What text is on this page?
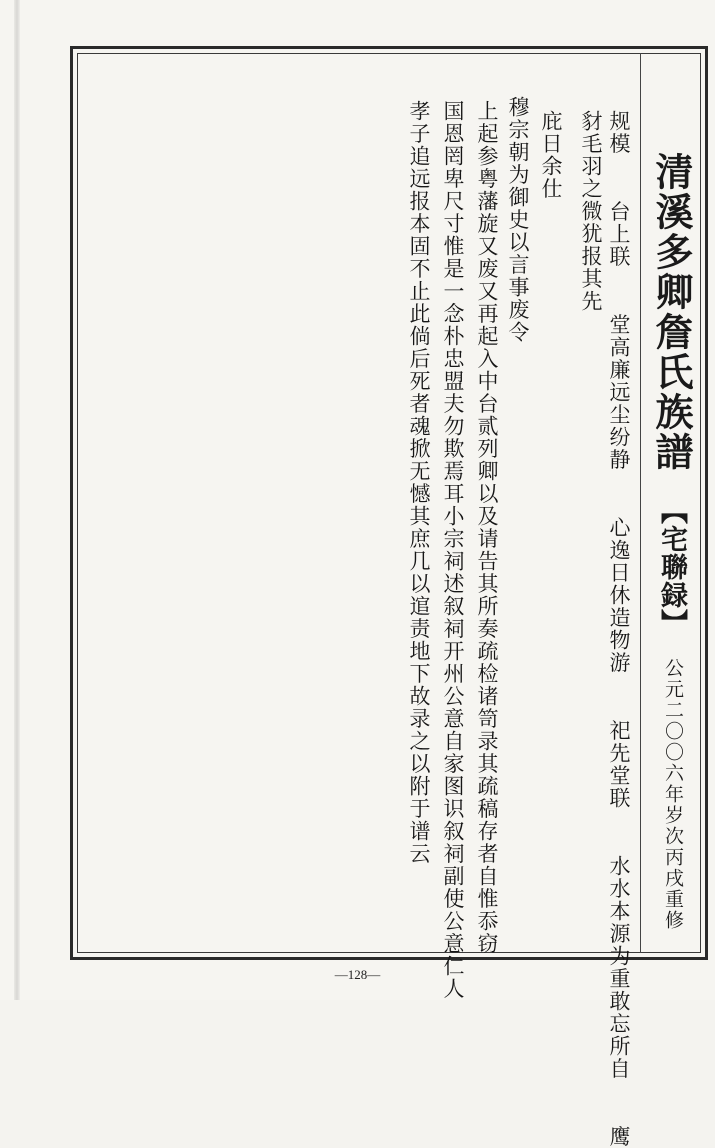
规模 台上联 堂高廉远尘纷静 心逸日休造物游 祀先堂联 水水本源为重敢忘所自 鹰
豺毛羽之微犹报其先
庇日余仕
穆宗朝为御史以言事废令
上起参粤藩旋又废又再起入中台贰列卿以及请告其所奏疏检诸笥录其疏稿存者自惟忝窃
国恩罔卑尺寸惟是一念朴忠盟夫勿欺焉耳小宗祠述叙祠开州公意自家图识叙祠副使公意仁人
孝子追远报本固不止此倘后死者魂掀无憾其庶几以逭责地下故录之以附于谱云	清溪多卿詹氏族譜
【宅聯録】
公元二〇〇六年岁次丙戌重修
—128—
